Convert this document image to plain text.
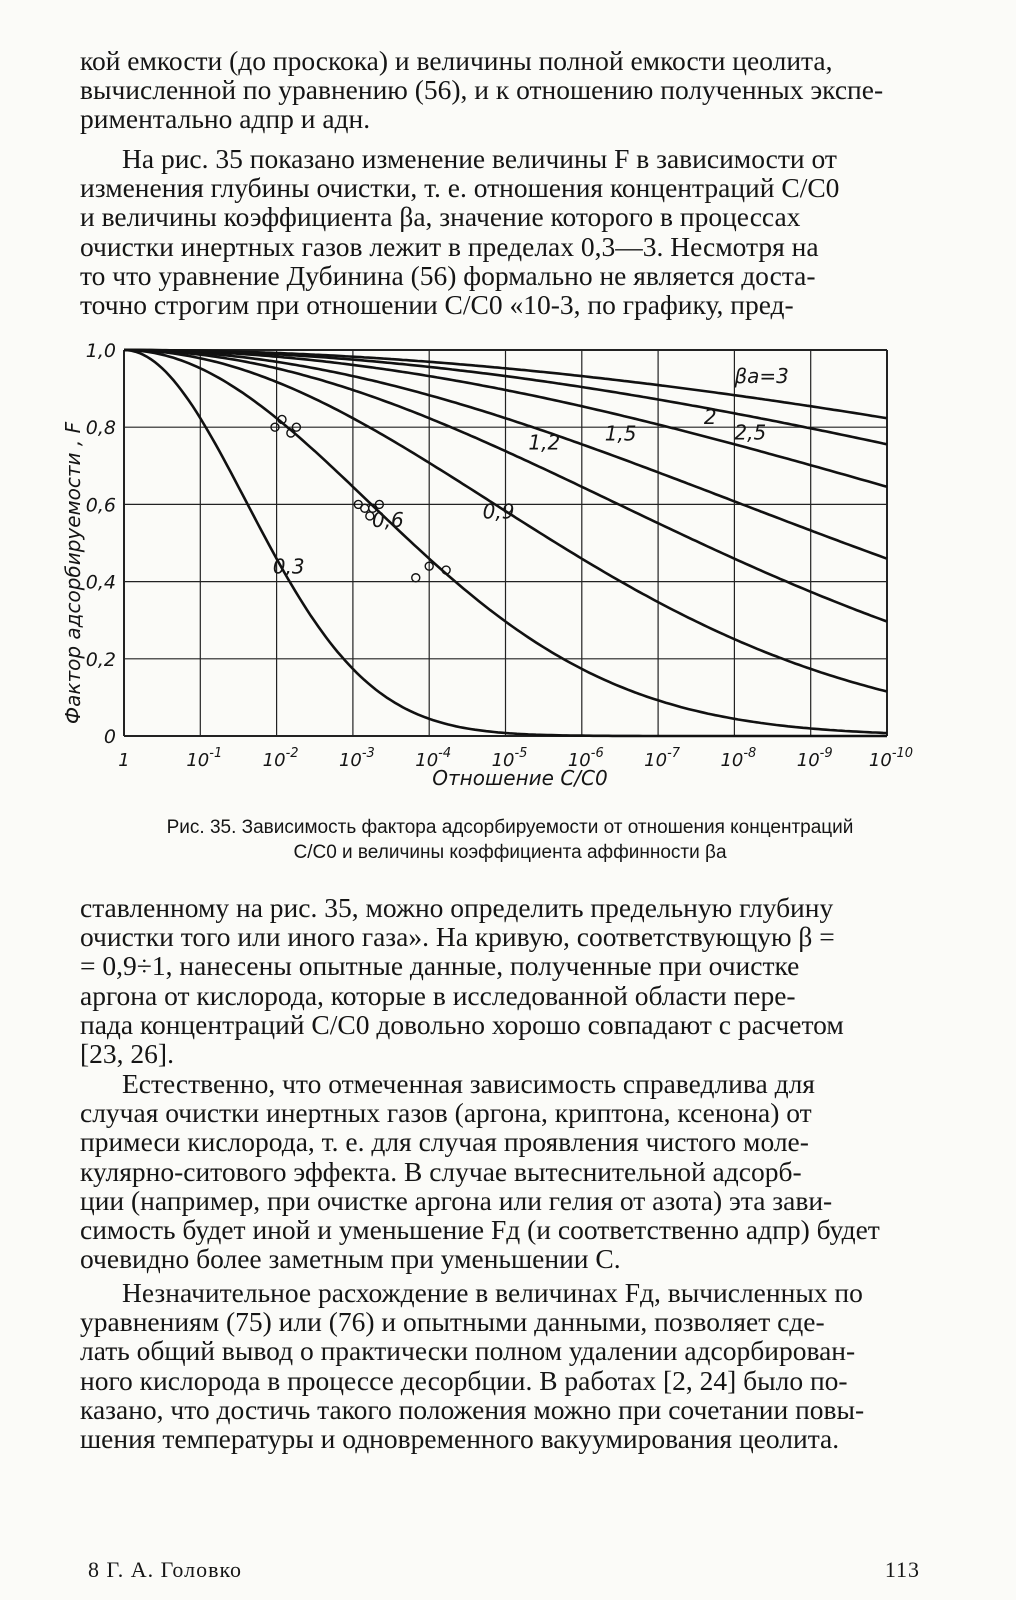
кой емкости (до проскока) и величины полной емкости цеолита,
вычисленной по уравнению (56), и к отношению полученных экспе-
риментально aдпр и aдн.
На рис. 35 показано изменение величины F в зависимости от
изменения глубины очистки, т. е. отношения концентраций C/C0
и величины коэффициента βа, значение которого в процессах
очистки инертных газов лежит в пределах 0,3—3. Несмотря на
то что уравнение Дубинина (56) формально не является доста-
точно строгим при отношении C/C0 «10-3, по графику, пред-
1	$10^{-1}$ $10^{-2}$ $10^{-3}$ $10^{-4}$ $10^{-5}$ $10^{-6}$ $10^{-7}$ $10^{-8}$ $10^{-9}$ $10^{-10}$
1,0
0,8
0,6
0,4
0,2
0
0,3
0,6	0,9
1,2 1,5
2
2,5
βa=3
Отношение C/C0
Фактор адсорбируемости , F
Рис. 35. Зависимость фактора адсорбируемости от отношения концентраций
C/C0 и величины коэффициента аффинности βа
ставленному на рис. 35, можно определить предельную глубину
очистки того или иного газа». На кривую, соответствующую β =
= 0,9÷1, нанесены опытные данные, полученные при очистке
аргона от кислорода, которые в исследованной области пере-
пада концентраций C/C0 довольно хорошо совпадают с расчетом
[23, 26].
Естественно, что отмеченная зависимость справедлива для
случая очистки инертных газов (аргона, криптона, ксенона) от
примеси кислорода, т. е. для случая проявления чистого моле-
кулярно-ситового эффекта. В случае вытеснительной адсорб-
ции (например, при очистке аргона или гелия от азота) эта зави-
симость будет иной и уменьшение Fд (и соответственно aдпр) будет
очевидно более заметным при уменьшении C.
Незначительное расхождение в величинах Fд, вычисленных по
уравнениям (75) или (76) и опытными данными, позволяет сде-
лать общий вывод о практически полном удалении адсорбирован-
ного кислорода в процессе десорбции. В работах [2, 24] было по-
казано, что достичь такого положения можно при сочетании повы-
шения температуры и одновременного вакуумирования цеолита.
8 Г. А. Головко	113
